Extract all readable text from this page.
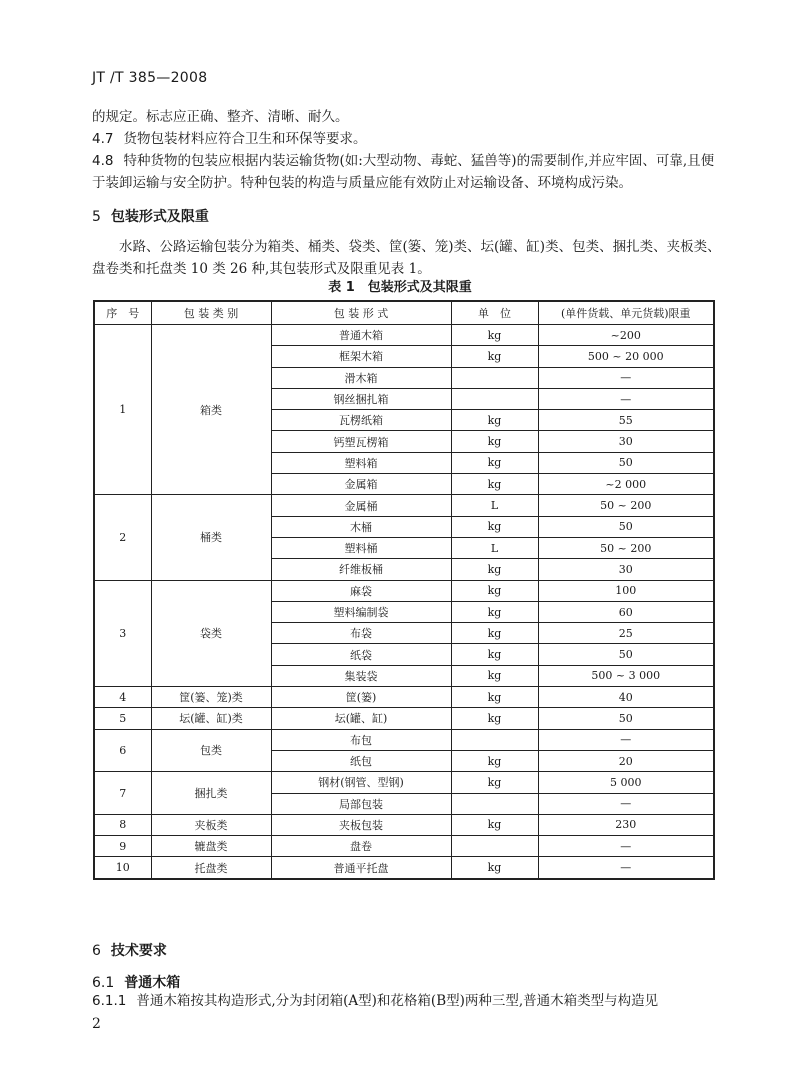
JT /T 385—2008

的规定。标志应正确、整齐、清晰、耐久。

4.7 货物包装材料应符合卫生和环保等要求。

4.8 特种货物的包装应根据内装运输货物(如:大型动物、毒蛇、猛兽等)的需要制作,并应牢固、可靠,且便于装卸运输与安全防护。特种包装的构造与质量应能有效防止对运输设备、环境构成污染。

5 包装形式及限重

水路、公路运输包装分为箱类、桶类、袋类、筐(篓、笼)类、坛(罐、缸)类、包类、捆扎类、夹板类、盘卷类和托盘类 10 类 26 种,其包装形式及限重见表 1。

表 1　包装形式及其限重
序　号	包 装 类 别	包 装 形 式	单　位	(单件货载、单元货载)限重
1	箱类	普通木箱	kg	~200
		框架木箱	kg	500 ~ 20 000
		滑木箱		—
		钢丝捆扎箱		—
		瓦楞纸箱	kg	55
		钙塑瓦楞箱	kg	30
		塑料箱	kg	50
		金属箱	kg	~2 000
2	桶类	金属桶	L	50 ~ 200
		木桶	kg	50
		塑料桶	L	50 ~ 200
		纤维板桶	kg	30
3	袋类	麻袋	kg	100
		塑料编制袋	kg	60
		布袋	kg	25
		纸袋	kg	50
		集装袋	kg	500 ~ 3 000
4	筐(篓、笼)类	筐(篓)	kg	40
5	坛(罐、缸)类	坛(罐、缸)	kg	50
6	包类	布包		—
		纸包	kg	20
7	捆扎类	钢材(钢管、型钢)	kg	5 000
		局部包装		—
8	夹板类	夹板包装	kg	230
9	辘盘类	盘卷		—
10	托盘类	普通平托盘	kg	—
6 技术要求
6.1 普通木箱

6.1.1 普通木箱按其构造形式,分为封闭箱(A型)和花格箱(B型)两种三型,普通木箱类型与构造见

2
